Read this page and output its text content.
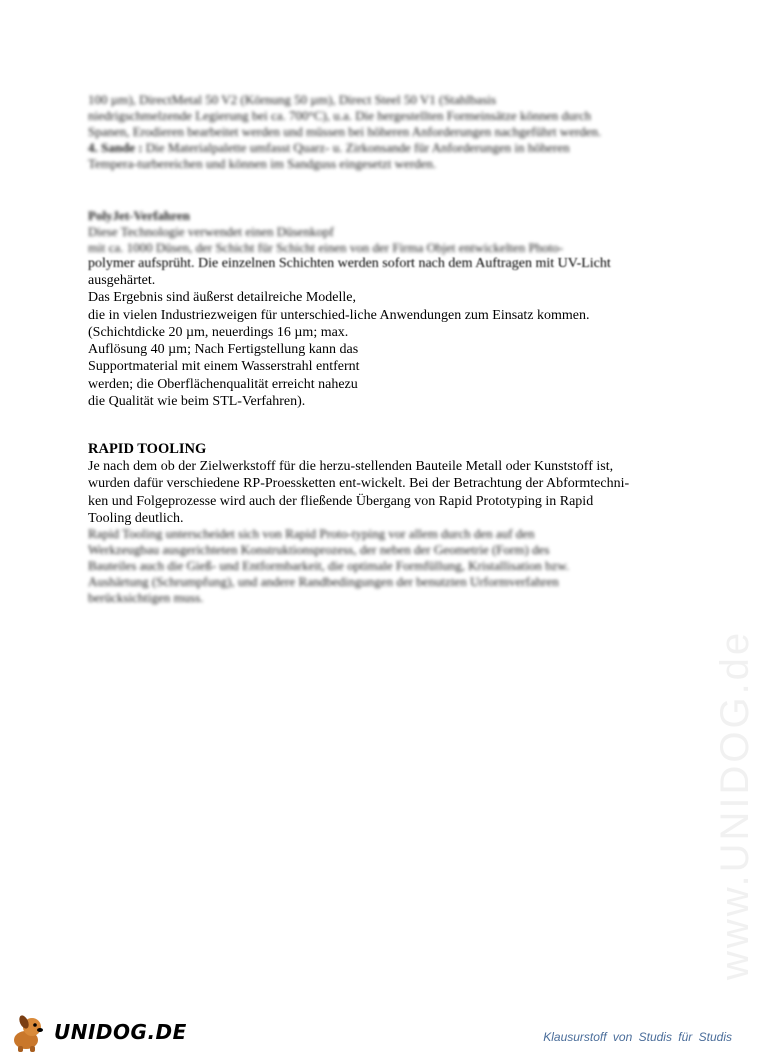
100 µm), DirectMetal 50 V2 (Körnung 50 µm), Direct Steel 50 V1 (Stahlbasis
niedrigschmelzende Legierung bei ca. 700°C), u.a. Die hergestellten Formeinsätze können durch
Spanen, Erodieren bearbeitet werden und müssen bei höheren Anforderungen nachgeführt werden.
4. Sande : Die Materialpalette umfasst Quarz- u. Zirkonsande für Anforderungen in höheren
Tempera-turbereichen und können im Sandguss eingesetzt werden.
PolyJet-Verfahren
Diese Technologie verwendet einen Düsenkopf
mit ca. 1000 Düsen, der Schicht für Schicht einen von der Firma Objet entwickelten Photo-
polymer aufsprüht. Die einzelnen Schichten werden sofort nach dem Auftragen mit UV-Licht
ausgehärtet.
Das Ergebnis sind äußerst detailreiche Modelle,
die in vielen Industriezweigen für unterschied-liche Anwendungen zum Einsatz kommen.
(Schichtdicke 20 µm, neuerdings 16 µm; max.
Auflösung 40 µm; Nach Fertigstellung kann das
Supportmaterial mit einem Wasserstrahl entfernt
werden; die Oberflächenqualität erreicht nahezu
die Qualität wie beim STL-Verfahren).
RAPID TOOLING
Je nach dem ob der Zielwerkstoff für die herzu-stellenden Bauteile Metall oder Kunststoff ist,
wurden dafür verschiedene RP-Proessketten ent-wickelt. Bei der Betrachtung der Abformtechni-
ken und Folgeprozesse wird auch der fließende Übergang von Rapid Prototyping in Rapid
Tooling deutlich.
Rapid Tooling unterscheidet sich von Rapid Proto-typing vor allem durch den auf den
Werkzeugbau ausgerichteten Konstruktionsprozess, der neben der Geometrie (Form) des
Bauteiles auch die Gieß- und Entformbarkeit, die optimale Formfüllung, Kristallisation bzw.
Aushärtung (Schrumpfung), und andere Randbedingungen der benutzten Urformverfahren
berücksichtigen muss.
www.UNIDOG.de
UNIDOG.DE	Klausurstoff von Studis für Studis
